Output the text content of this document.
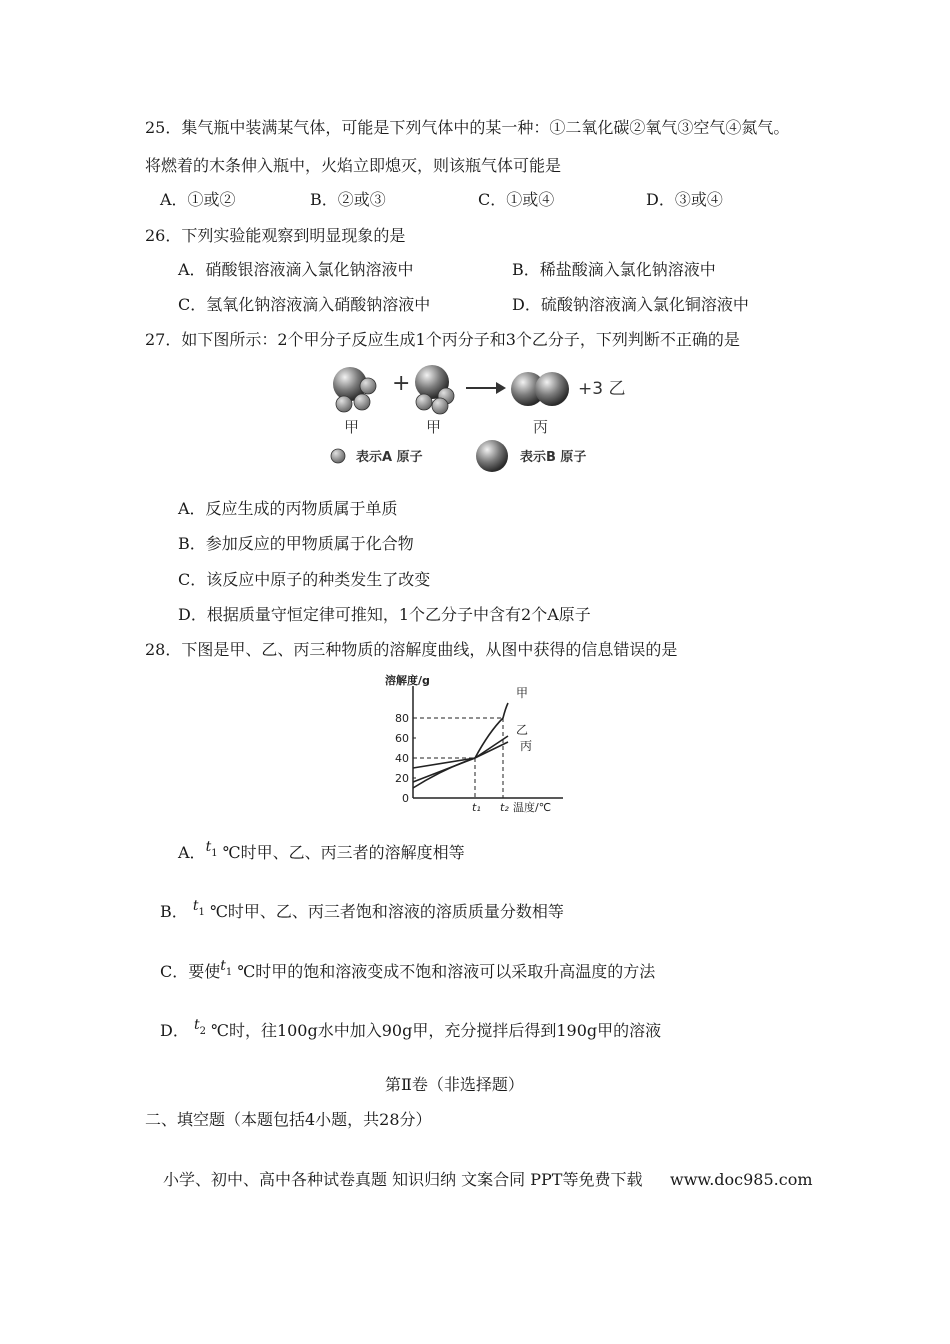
25．集气瓶中装满某气体，可能是下列气体中的某一种：①二氧化碳②氧气③空气④氮气。
将燃着的木条伸入瓶中，火焰立即熄灭，则该瓶气体可能是
A．①或②	B．②或③	C．①或④	D．③或④
26．下列实验能观察到明显现象的是
A．硝酸银溶液滴入氯化钠溶液中	B．稀盐酸滴入氯化钠溶液中
C．氢氧化钠溶液滴入硝酸钠溶液中	D．硫酸钠溶液滴入氯化铜溶液中
27．如下图所示：2个甲分子反应生成1个丙分子和3个乙分子，下列判断不正确的是
+	+3 乙
甲	甲	丙
表示A 原子	表示B 原子
A．反应生成的丙物质属于单质
B．参加反应的甲物质属于化合物
C．该反应中原子的种类发生了改变
D．根据质量守恒定律可推知，1个乙分子中含有2个A原子
28．下图是甲、乙、丙三种物质的溶解度曲线，从图中获得的信息错误的是
溶解度/g
0
20
40
60
80
甲
乙
丙
t₁ t₂ 温度/℃
A．t1 ℃时甲、乙、丙三者的溶解度相等
B． t1 ℃时甲、乙、丙三者饱和溶液的溶质质量分数相等
C．要使t1 ℃时甲的饱和溶液变成不饱和溶液可以采取升高温度的方法
D． t2 ℃时，往100g水中加入90g甲，充分搅拌后得到190g甲的溶液
第Ⅱ卷（非选择题）
二、填空题（本题包括4小题，共28分）
小学、初中、高中各种试卷真题 知识归纳 文案合同 PPT等免费下载 www.doc985.com
